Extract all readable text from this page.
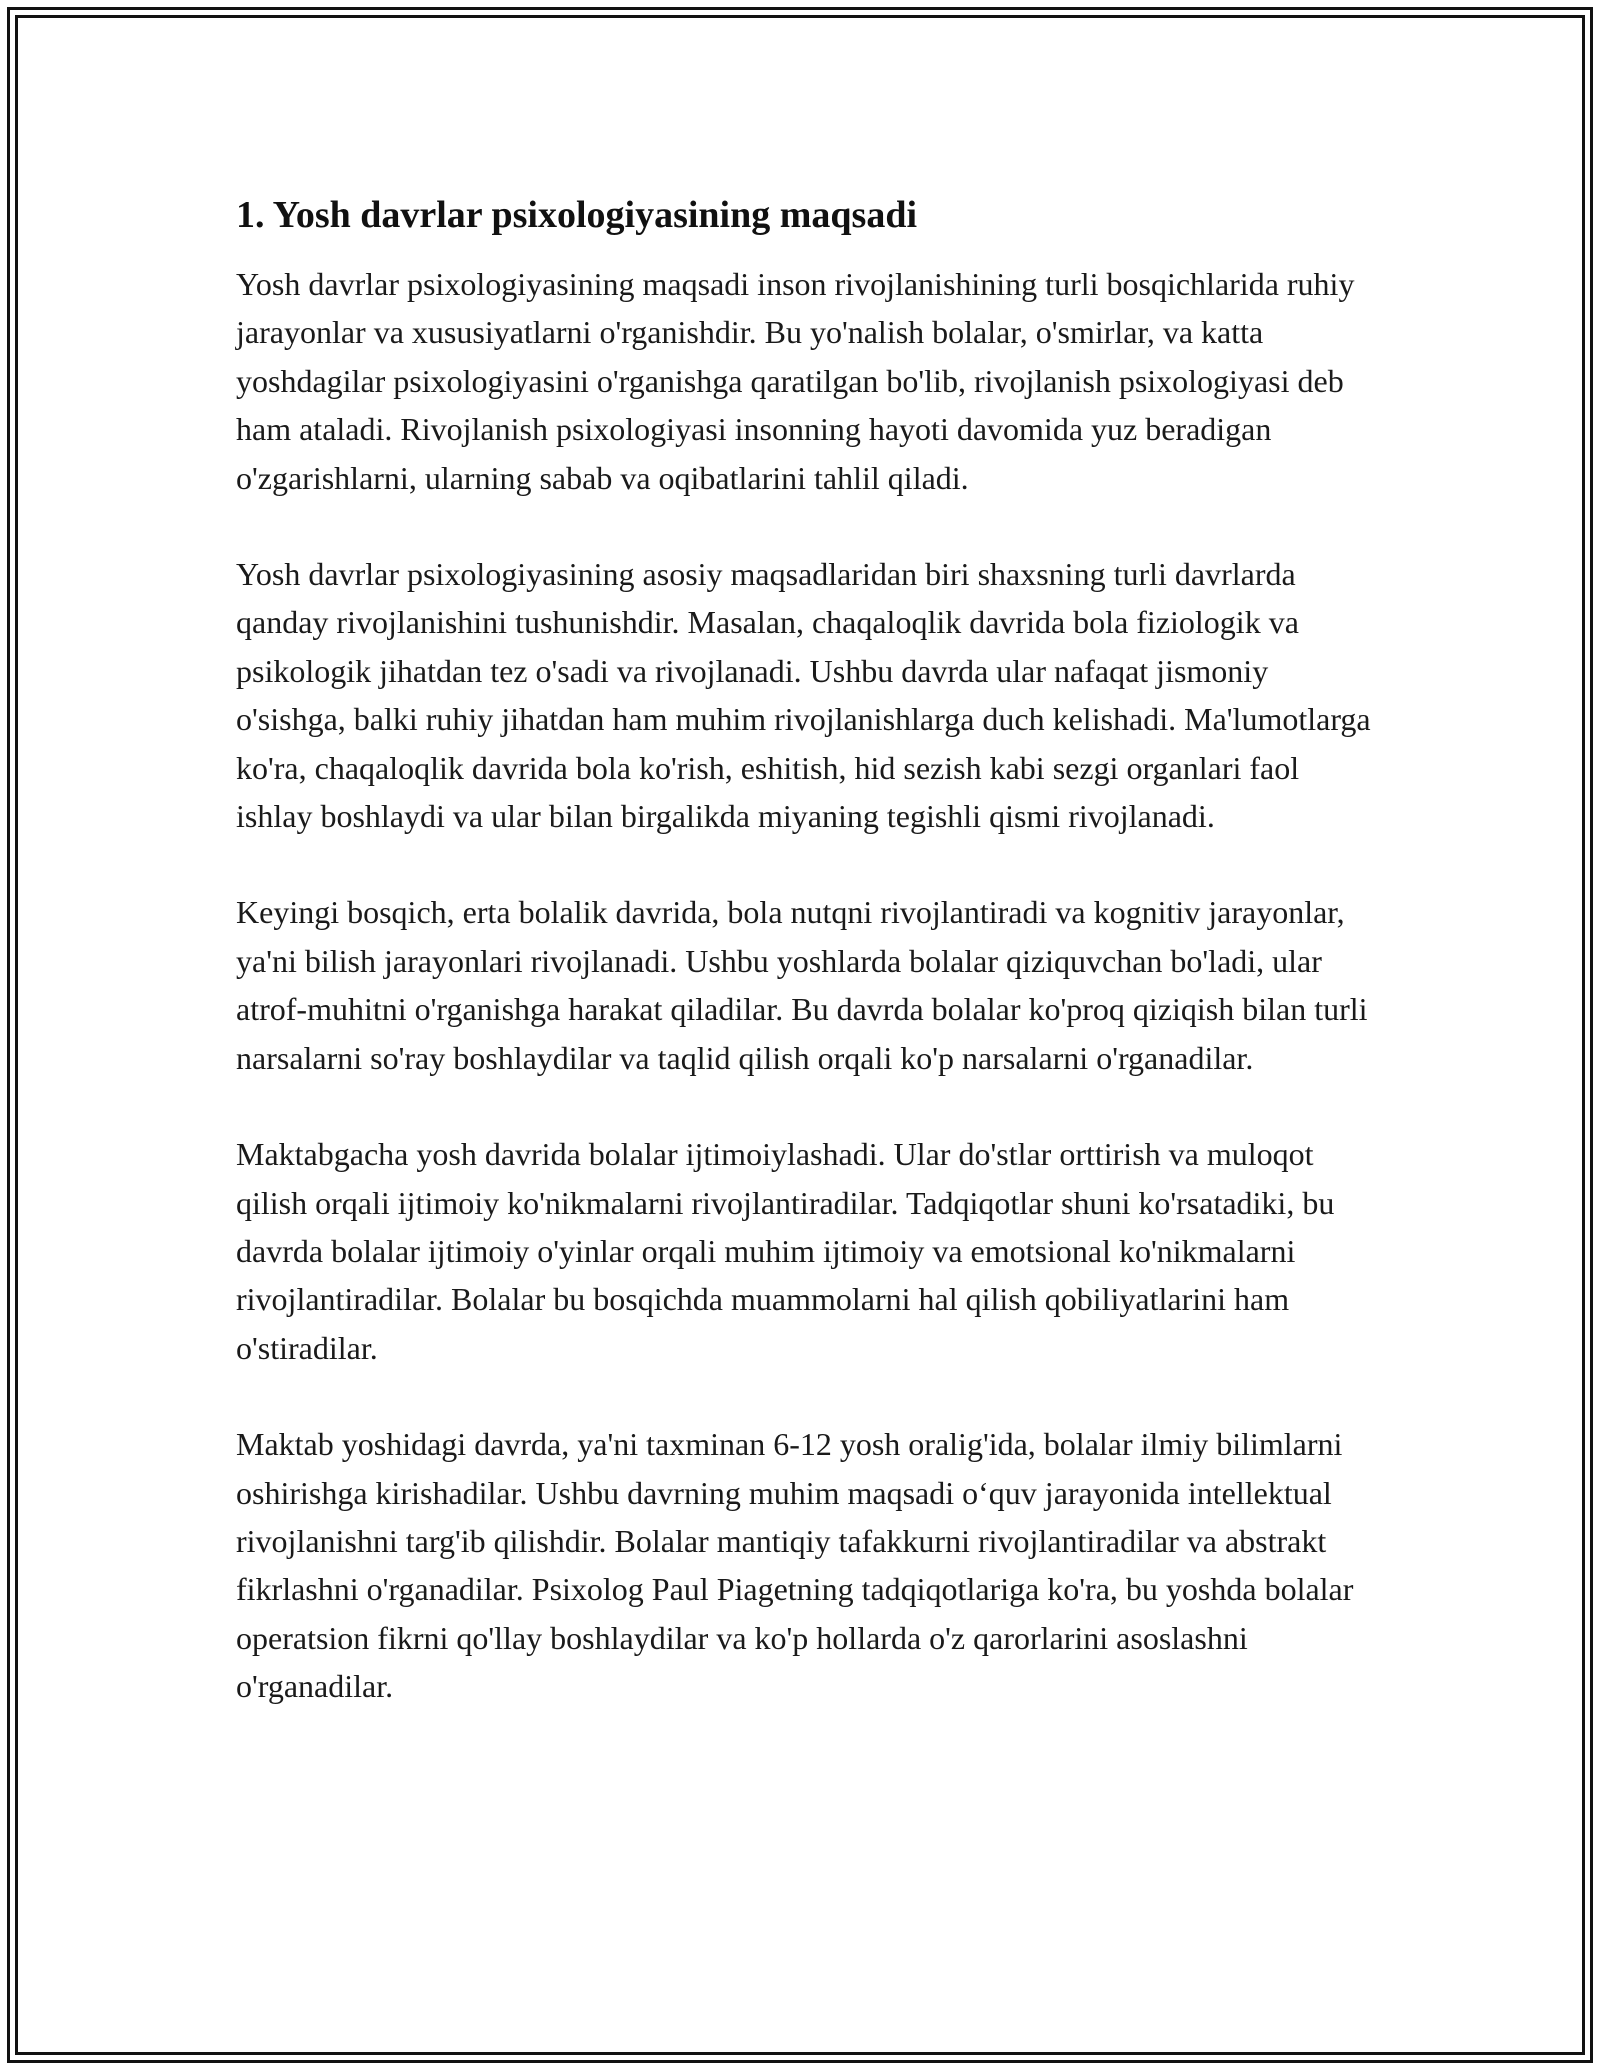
1. Yosh davrlar psixologiyasining maqsadi

Yosh davrlar psixologiyasining maqsadi inson rivojlanishining turli bosqichlarida ruhiy jarayonlar va xususiyatlarni o'rganishdir. Bu yo'nalish bolalar, o'smirlar, va katta yoshdagilar psixologiyasini o'rganishga qaratilgan bo'lib, rivojlanish psixologiyasi deb ham ataladi. Rivojlanish psixologiyasi insonning hayoti davomida yuz beradigan o'zgarishlarni, ularning sabab va oqibatlarini tahlil qiladi.

Yosh davrlar psixologiyasining asosiy maqsadlaridan biri shaxsning turli davrlarda qanday rivojlanishini tushunishdir. Masalan, chaqaloqlik davrida bola fiziologik va psikologik jihatdan tez o'sadi va rivojlanadi. Ushbu davrda ular nafaqat jismoniy o'sishga, balki ruhiy jihatdan ham muhim rivojlanishlarga duch kelishadi. Ma'lumotlarga ko'ra, chaqaloqlik davrida bola ko'rish, eshitish, hid sezish kabi sezgi organlari faol ishlay boshlaydi va ular bilan birgalikda miyaning tegishli qismi rivojlanadi.

Keyingi bosqich, erta bolalik davrida, bola nutqni rivojlantiradi va kognitiv jarayonlar, ya'ni bilish jarayonlari rivojlanadi. Ushbu yoshlarda bolalar qiziquvchan bo'ladi, ular atrof-muhitni o'rganishga harakat qiladilar. Bu davrda bolalar ko'proq qiziqish bilan turli narsalarni so'ray boshlaydilar va taqlid qilish orqali ko'p narsalarni o'rganadilar.

Maktabgacha yosh davrida bolalar ijtimoiylashadi. Ular do'stlar orttirish va muloqot qilish orqali ijtimoiy ko'nikmalarni rivojlantiradilar. Tadqiqotlar shuni ko'rsatadiki, bu davrda bolalar ijtimoiy o'yinlar orqali muhim ijtimoiy va emotsional ko'nikmalarni rivojlantiradilar. Bolalar bu bosqichda muammolarni hal qilish qobiliyatlarini ham o'stiradilar.

Maktab yoshidagi davrda, ya'ni taxminan 6-12 yosh oralig'ida, bolalar ilmiy bilimlarni oshirishga kirishadilar. Ushbu davrning muhim maqsadi o‘quv jarayonida intellektual rivojlanishni targ'ib qilishdir. Bolalar mantiqiy tafakkurni rivojlantiradilar va abstrakt fikrlashni o'rganadilar. Psixolog Paul Piagetning tadqiqotlariga ko'ra, bu yoshda bolalar operatsion fikrni qo'llay boshlaydilar va ko'p hollarda o'z qarorlarini asoslashni o'rganadilar.
